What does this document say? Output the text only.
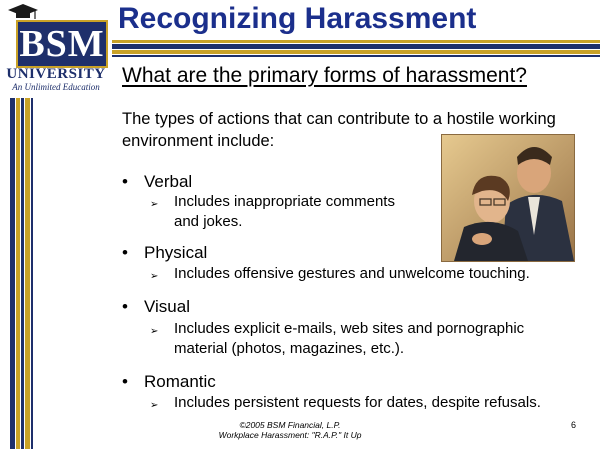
BSM
UNIVERSITY
An Unlimited Education
Recognizing Harassment
What are the primary forms of harassment?
The types of actions that can contribute to a hostile working environment include:
• Verbal
➢ Includes inappropriate comments and jokes.
• Physical
➢ Includes offensive gestures and unwelcome touching.
• Visual
➢ Includes explicit e-mails, web sites and pornographic material (photos, magazines, etc.).
• Romantic
➢ Includes persistent requests for dates, despite refusals.
©2005 BSM Financial, L.P.
Workplace Harassment: "R.A.P." It Up
6
